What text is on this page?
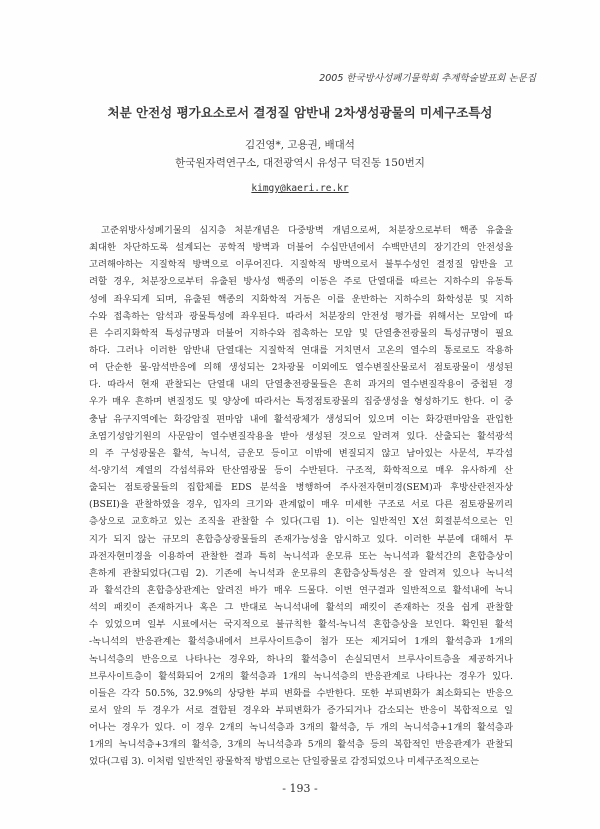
2005 한국방사성폐기물학회 추계학술발표회 논문집
처분 안전성 평가요소로서 결정질 암반내 2차생성광물의 미세구조특성
김건영*, 고용권, 배대석
한국원자력연구소, 대전광역시 유성구 덕진동 150번지
kimgy@kaeri.re.kr
고준위방사성폐기물의 심지층 처분개념은 다중방벽 개념으로써, 처분장으로부터 핵종 유출을
최대한 차단하도록 설계되는 공학적 방벽과 더불어 수십만년에서 수백만년의 장기간의 안전성을
고려해야하는 지질학적 방벽으로 이루어진다. 지질학적 방벽으로서 불투수성인 결정질 암반을 고
려할 경우, 처분장으로부터 유출된 방사성 핵종의 이동은 주로 단열대를 따르는 지하수의 유동특
성에 좌우되게 되며, 유출된 핵종의 지화학적 거동은 이를 운반하는 지하수의 화학성분 및 지하
수와 접촉하는 암석과 광물특성에 좌우된다. 따라서 처분장의 안전성 평가를 위해서는 모암에 따
른 수리지화학적 특성규명과 더불어 지하수와 접촉하는 모암 및 단열충전광물의 특성규명이 필요
하다. 그러나 이러한 암반내 단열대는 지질학적 연대를 거치면서 고온의 열수의 통로로도 작용하
여 단순한 물-암석반응에 의해 생성되는 2차광물 이외에도 열수변질산물로서 점토광물이 생성된
다. 따라서 현재 관찰되는 단열대 내의 단열충전광물들은 흔히 과거의 열수변질작용이 중첩된 경
우가 매우 흔하며 변질정도 및 양상에 따라서는 특정점토광물의 집중생성을 형성하기도 한다. 이 중
충남 유구지역에는 화강암질 편마암 내에 활석광체가 생성되어 있으며 이는 화강편마암을 관입한
초염기성암기원의 사문암이 열수변질작용을 받아 생성된 것으로 알려져 있다. 산출되는 활석광석
의 주 구성광물은 활석, 녹니석, 금운모 등이고 이밖에 변질되지 않고 남아있는 사문석, 투각섬
석-양기석 계열의 각섬석류와 탄산염광물 등이 수반된다. 구조적, 화학적으로 매우 유사하게 산
출되는 점토광물들의 집합체를 EDS 분석을 병행하여 주사전자현미경(SEM)과 후방산란전자상
(BSEI)을 관찰하였을 경우, 입자의 크기와 관계없이 매우 미세한 구조로 서로 다른 점토광물끼리
층상으로 교호하고 있는 조직을 관찰할 수 있다(그림 1). 이는 일반적인 X선 회절분석으로는 인
지가 되지 않는 규모의 혼합층상광물들의 존재가능성을 암시하고 있다. 이러한 부분에 대해서 투
과전자현미경을 이용하여 관찰한 결과 특히 녹니석과 운모류 또는 녹니석과 활석간의 혼합층상이
흔하게 관찰되었다(그림 2). 기존에 녹니석과 운모류의 혼합층상특성은 잘 알려져 있으나 녹니석
과 활석간의 혼합층상관계는 알려진 바가 매우 드물다. 이번 연구결과 일반적으로 활석내에 녹니
석의 패킷이 존재하거나 혹은 그 반대로 녹니석내에 활석의 패킷이 존재하는 것을 쉽게 관찰할
수 있었으며 일부 시료에서는 국지적으로 불규칙한 활석-녹니석 혼합층상을 보인다. 확인된 활석
-녹니석의 반응관계는 활석층내에서 브루사이트층이 첨가 또는 제거되어 1개의 활석층과 1개의
녹니석층의 반응으로 나타나는 경우와, 하나의 활석층이 손실되면서 브루사이트층을 제공하거나
브루사이트층이 활석화되어 2개의 활석층과 1개의 녹니석층의 반응관계로 나타나는 경우가 있다.
이들은 각각 50.5%, 32.9%의 상당한 부피 변화를 수반한다. 또한 부피변화가 최소화되는 반응으
로서 앞의 두 경우가 서로 결합된 경우와 부피변화가 증가되거나 감소되는 반응이 복합적으로 일
어나는 경우가 있다. 이 경우 2개의 녹니석층과 3개의 활석층, 두 개의 녹니석층+1개의 활석층과
1개의 녹니석층+3개의 활석층, 3개의 녹니석층과 5개의 활석층 등의 복합적인 반응관계가 관찰되
었다(그림 3). 이처럼 일반적인 광물학적 방법으로는 단일광물로 감정되었으나 미세구조적으로는
- 193 -
